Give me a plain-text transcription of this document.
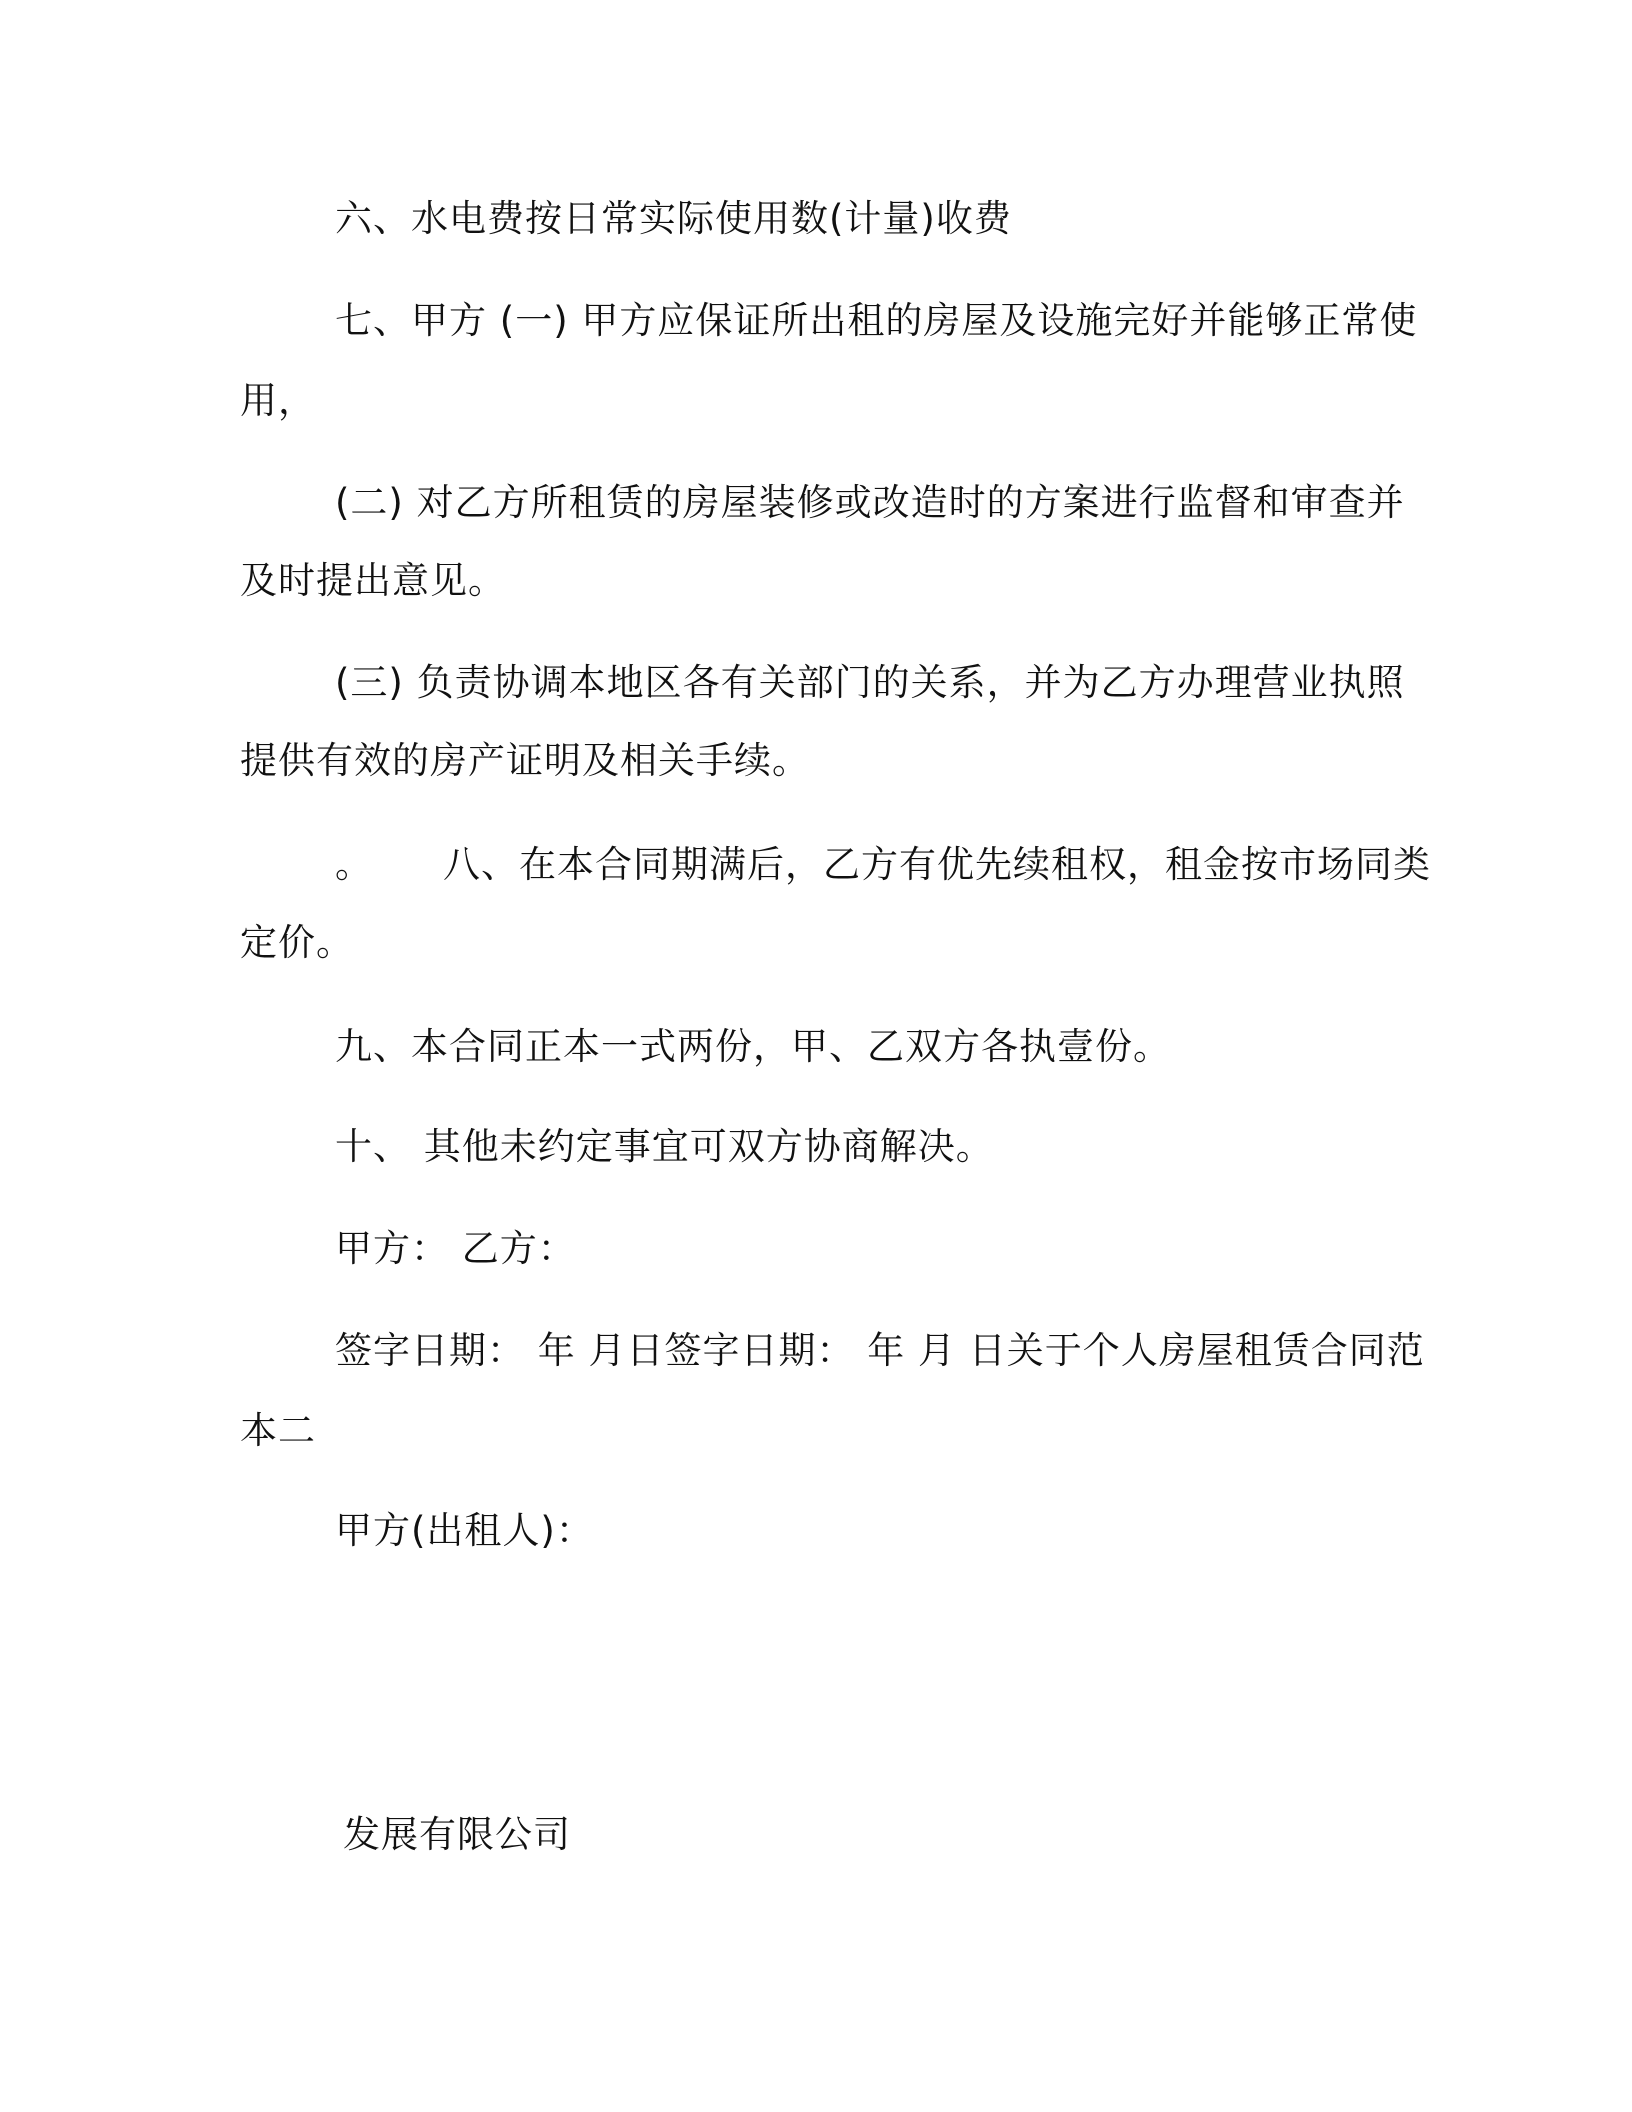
六、水电费按日常实际使用数(计量)收费
七、甲方 (一) 甲方应保证所出租的房屋及设施完好并能够正常使
用，
(二) 对乙方所租赁的房屋装修或改造时的方案进行监督和审查并
及时提出意见。
(三) 负责协调本地区各有关部门的关系，并为乙方办理营业执照
提供有效的房产证明及相关手续。
。 八、在本合同期满后，乙方有优先续租权，租金按市场同类
定价。
九、本合同正本一式两份，甲、乙双方各执壹份。
十、 其他未约定事宜可双方协商解决。
甲方： 乙方：
签字日期： 年 月日签字日期： 年 月 日关于个人房屋租赁合同范
本二
甲方(出租人)：
发展有限公司
